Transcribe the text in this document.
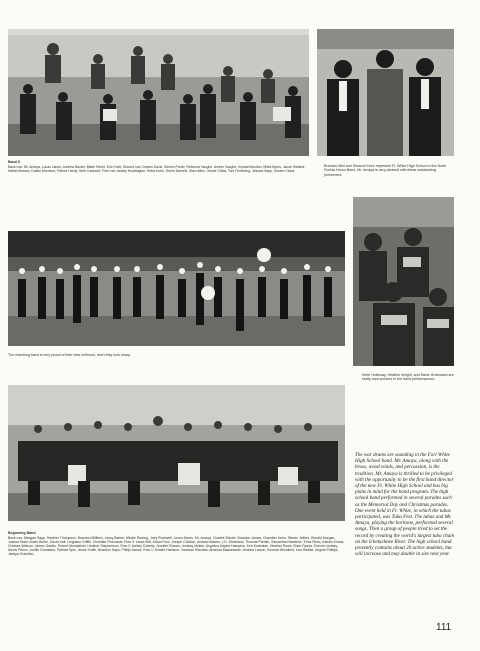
Band II
Back row: Mr. Amaya, Lucas Lance, Andrew Baxter, Blake Hecht, Eric Kraft. Second row: Darren Davis, Steven Porter, Rebecca Vaughn, Amber Vaughn, Krystal Moulton, Miles Byrns, Jacob Holland, Nekiel Alvarez, Dustin Morrison, Patrick Hardy, Seth Cardwell. First row: Ashley Huddington, Reba Kohn, Sherri Daniels, Staci Allen, Jessie Gibbs, Toni Flemming, Jessica Sapp, Kristen Cloud.
Brandon Bell and Sherrod Keen represent Ft. White High School in the North Florida Honor Band. Mr. Amaya is very pleased with these outstanding performers.
The marching band is very proud of their new uniforms, don't they look sharp.
Keith Holloway, Heather Wright, and Marie Grabowski are really hard workers in the band performances.
Beginning Band
Back row: Meagan Sapp, Heather Thompson, Brandon Milliken, Jessy Barker, Mindie Rowing, Joey Rockwell, Jonus Morris, Mr. Amaya, Charles Shivler, Brandon James, Chandler Keen, Steven Jeffers, Ronald Morgan, Joshua Stahl, Adam Burke, David Hall, Leighann Griffin, Christian Pinkowski. Row 3: Laura Bell, Adam Ford, Joseph Collison, Andrew Adams, J.D. Strickland, Thomas Parrish, Samantha Haseltine, Erica Reed, Kaleen Knaus, Chelsea Watson, James Gaskin, Robert Monasfield, Heather Stephenson. Row 2: Ashely Coberly, Jennifer Rowan, Lindsay Mckee, Angelica Kaylee Hampton, Keri Kortesian, Heather Rowe, Brian Rysda, Donnie Lindsey, Alexis Prince, Joellie Granados, Patricia Spin, Jesse Smith, Brandon Hays, Phillip James. Row 1: Kristen Harrison, Vanessa Sheubar, Amanda Massewade, Andrew Larson, Keonda Winnfield, Lisa Radike, Angela Phillips, Jamiya Grandiso.
The war drums are sounding in the Fort White High School band. Mr. Amaya, along with the brass, wood winds, and percussion, is the tradition. Mr. Amaya is thrilled to be privileged with the opportunity to be the first band director of the new Ft. White High School and has big plans in mind for the band program. The high school band performed in several parades such as the Memorial Day and Christmas parades. One event held in Ft. White, in which the tubas participated, was Tuba Fest. The tubas and Mr. Amaya, playing the baritone, performed several songs. Then a group of people tried to set the record by creating the world's largest tuba chain on the Ichetucknee River. The high school band presently contains about 20 active students, but will increase and may double in size next year.
111
